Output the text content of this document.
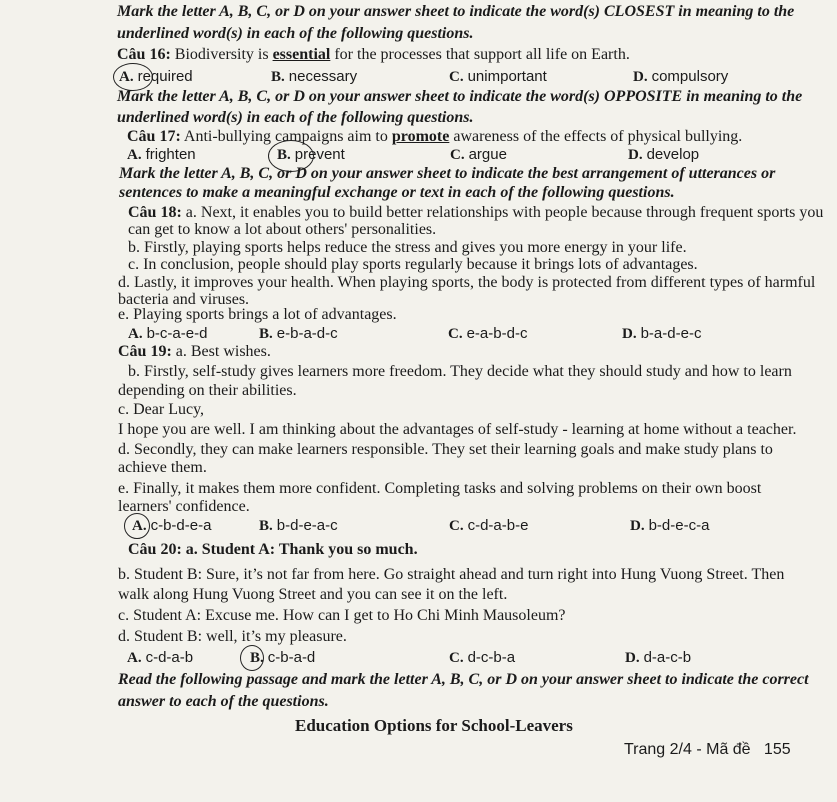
Mark the letter A, B, C, or D on your answer sheet to indicate the word(s) CLOSEST in meaning to the
underlined word(s) in each of the following questions.
Câu 16: Biodiversity is essential for the processes that support all life on Earth.
A. required	B. necessary	C. unimportant	D. compulsory
Mark the letter A, B, C, or D on your answer sheet to indicate the word(s) OPPOSITE in meaning to the
underlined word(s) in each of the following questions.
Câu 17: Anti-bullying campaigns aim to promote awareness of the effects of physical bullying.
A. frighten	B. prevent	C. argue	D. develop
Mark the letter A, B, C, or D on your answer sheet to indicate the best arrangement of utterances or
sentences to make a meaningful exchange or text in each of the following questions.
Câu 18: a. Next, it enables you to build better relationships with people because through frequent sports you
can get to know a lot about others' personalities.
b. Firstly, playing sports helps reduce the stress and gives you more energy in your life.
c. In conclusion, people should play sports regularly because it brings lots of advantages.
d. Lastly, it improves your health. When playing sports, the body is protected from different types of harmful
bacteria and viruses.
e. Playing sports brings a lot of advantages.
A. b-c-a-e-d	B. e-b-a-d-c	C. e-a-b-d-c	D. b-a-d-e-c
Câu 19: a. Best wishes.
b. Firstly, self-study gives learners more freedom. They decide what they should study and how to learn
depending on their abilities.
c. Dear Lucy,
I hope you are well. I am thinking about the advantages of self-study - learning at home without a teacher.
d. Secondly, they can make learners responsible. They set their learning goals and make study plans to
achieve them.
e. Finally, it makes them more confident. Completing tasks and solving problems on their own boost
learners' confidence.
A. c-b-d-e-a	B. b-d-e-a-c	C. c-d-a-b-e	D. b-d-e-c-a
Câu 20: a. Student A: Thank you so much.
b. Student B: Sure, it’s not far from here. Go straight ahead and turn right into Hung Vuong Street. Then
walk along Hung Vuong Street and you can see it on the left.
c. Student A: Excuse me. How can I get to Ho Chi Minh Mausoleum?
d. Student B: well, it’s my pleasure.
A. c-d-a-b	B. c-b-a-d	C. d-c-b-a	D. d-a-c-b
Read the following passage and mark the letter A, B, C, or D on your answer sheet to indicate the correct
answer to each of the questions.
Education Options for School-Leavers
Trang 2/4 - Mã đề   155
